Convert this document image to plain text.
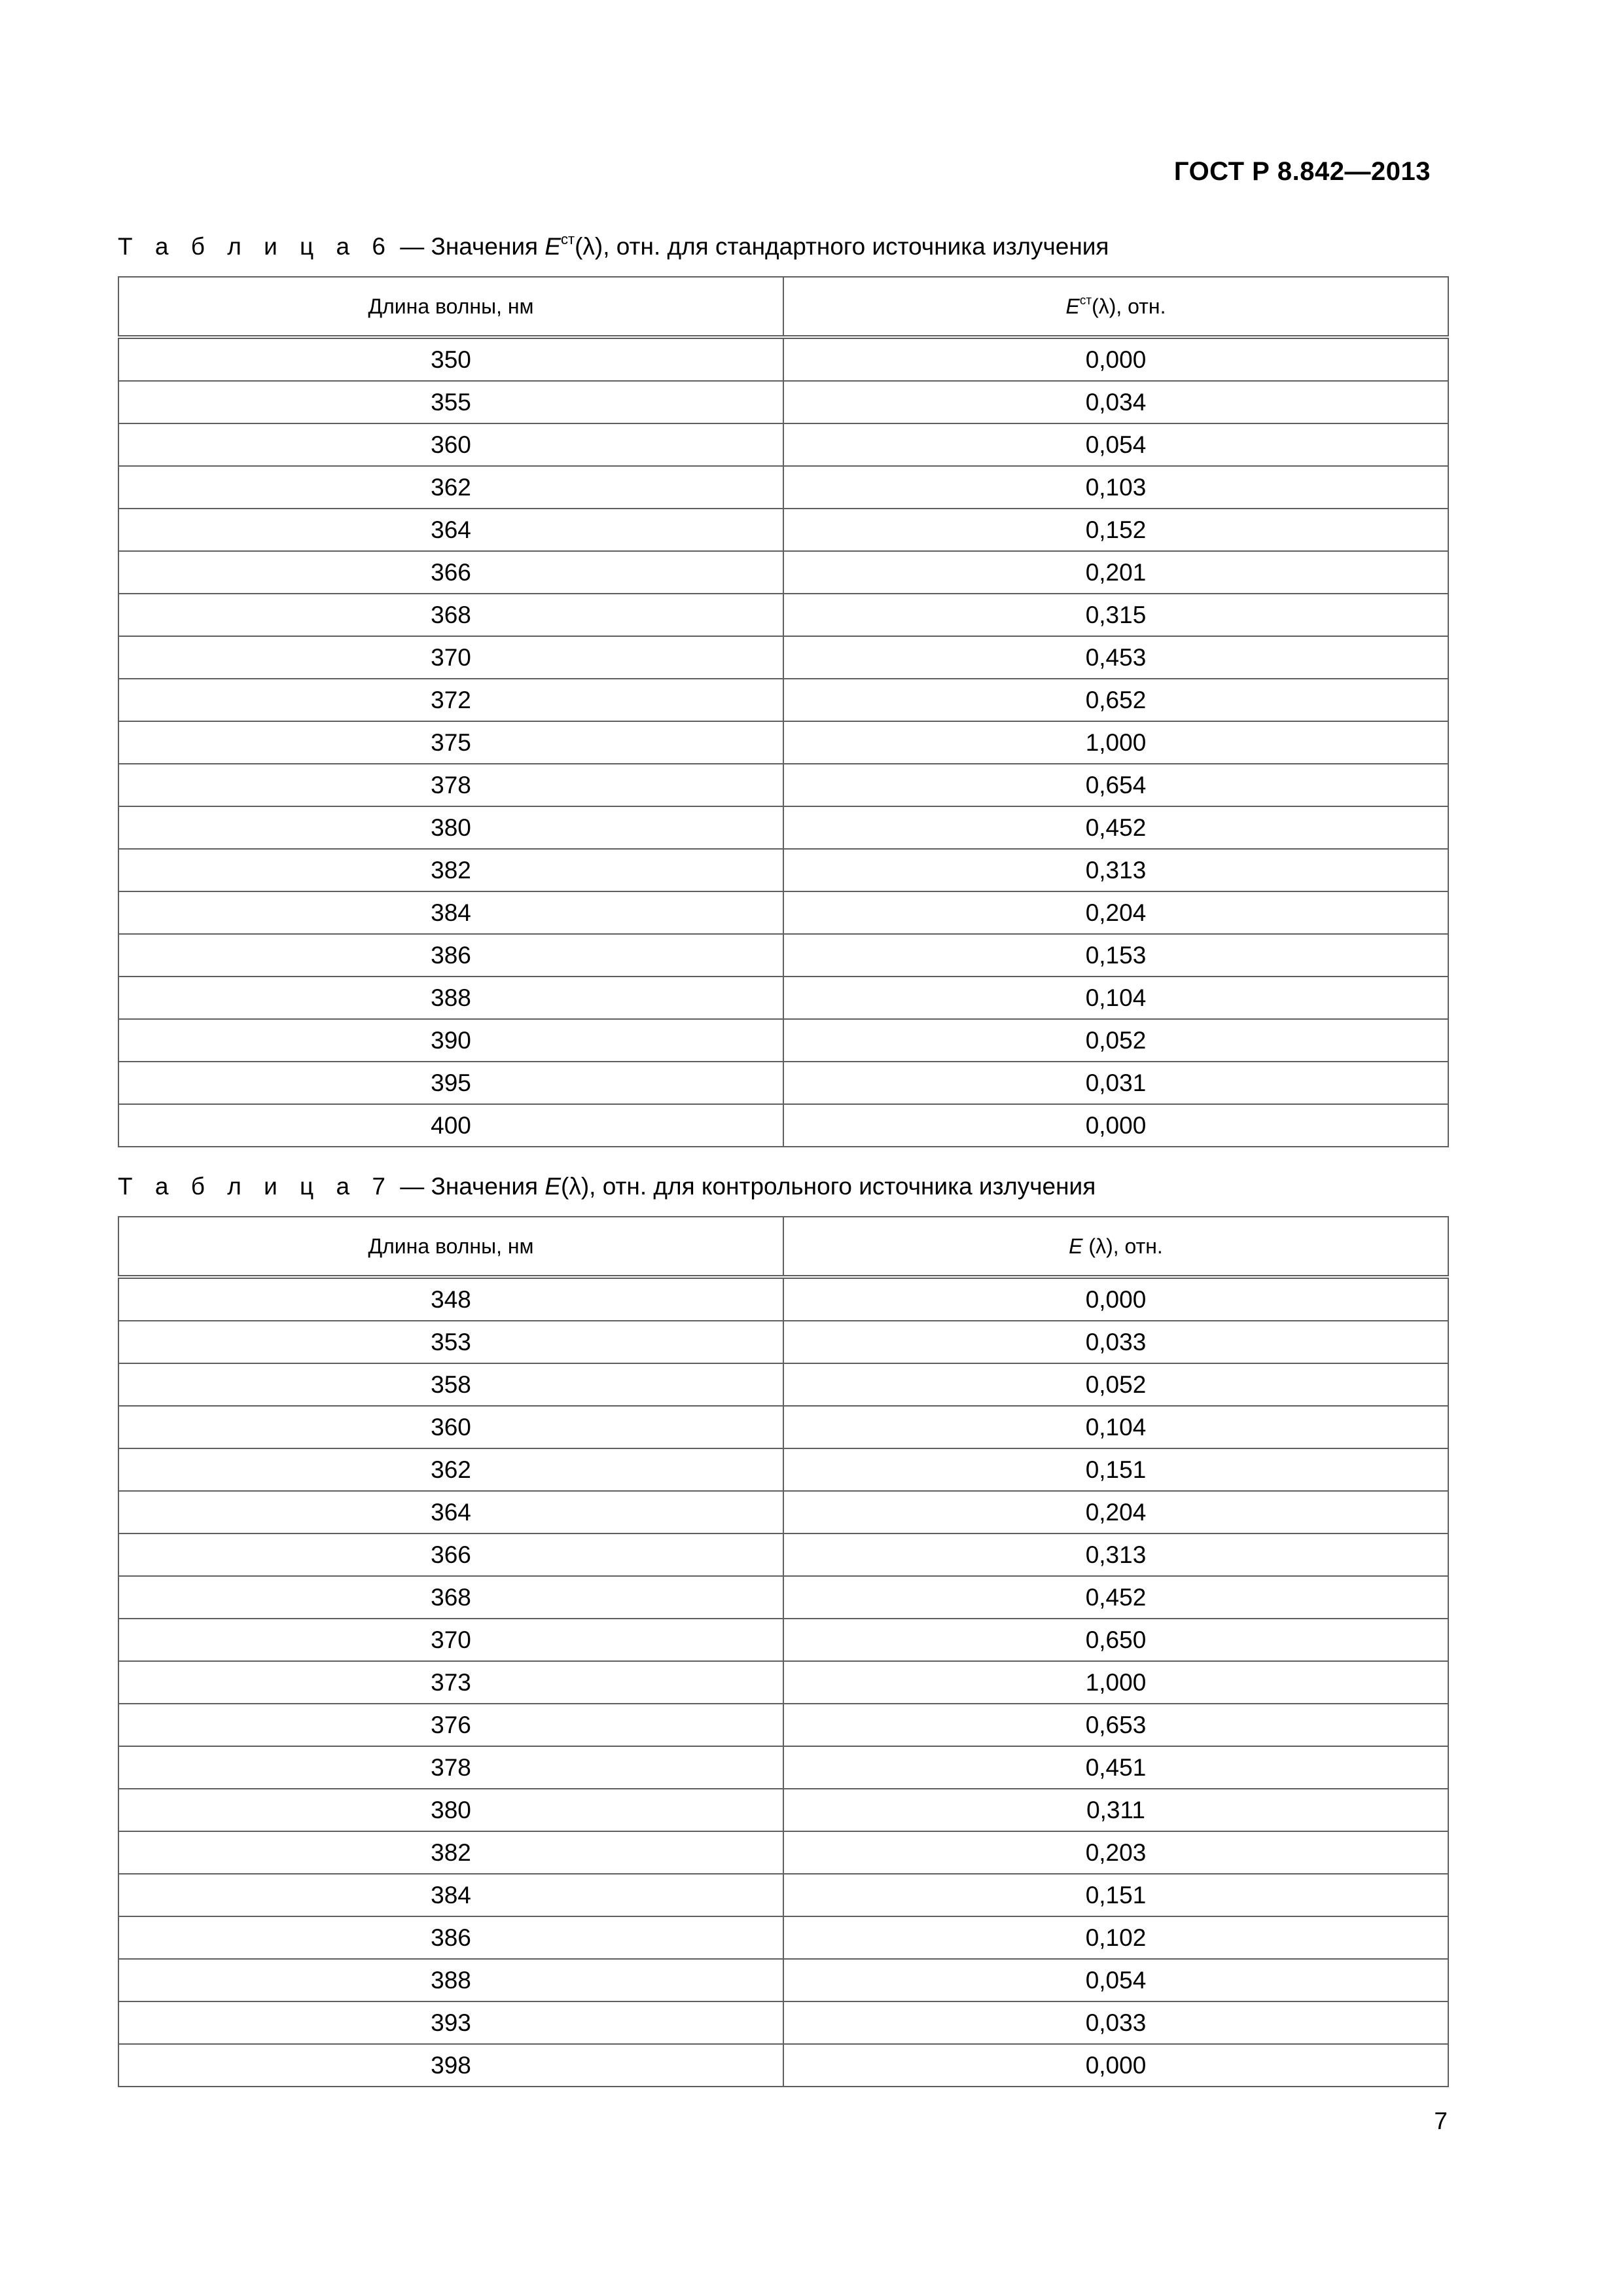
ГОСТ Р 8.842—2013
Т а б л и ц а 6 — Значения $E^{ст}(\lambda)$, отн. для стандартного источника излучения
Длина волны, нм	$E^{ст}(\lambda)$, отн.
350	0,000
355	0,034
360	0,054
362	0,103
364	0,152
366	0,201
368	0,315
370	0,453
372	0,652
375	1,000
378	0,654
380	0,452
382	0,313
384	0,204
386	0,153
388	0,104
390	0,052
395	0,031
400	0,000
Т а б л и ц а 7 — Значения E(λ), отн. для контрольного источника излучения
Длина волны, нм	E (λ), отн.
348	0,000
353	0,033
358	0,052
360	0,104
362	0,151
364	0,204
366	0,313
368	0,452
370	0,650
373	1,000
376	0,653
378	0,451
380	0,311
382	0,203
384	0,151
386	0,102
388	0,054
393	0,033
398	0,000
7
